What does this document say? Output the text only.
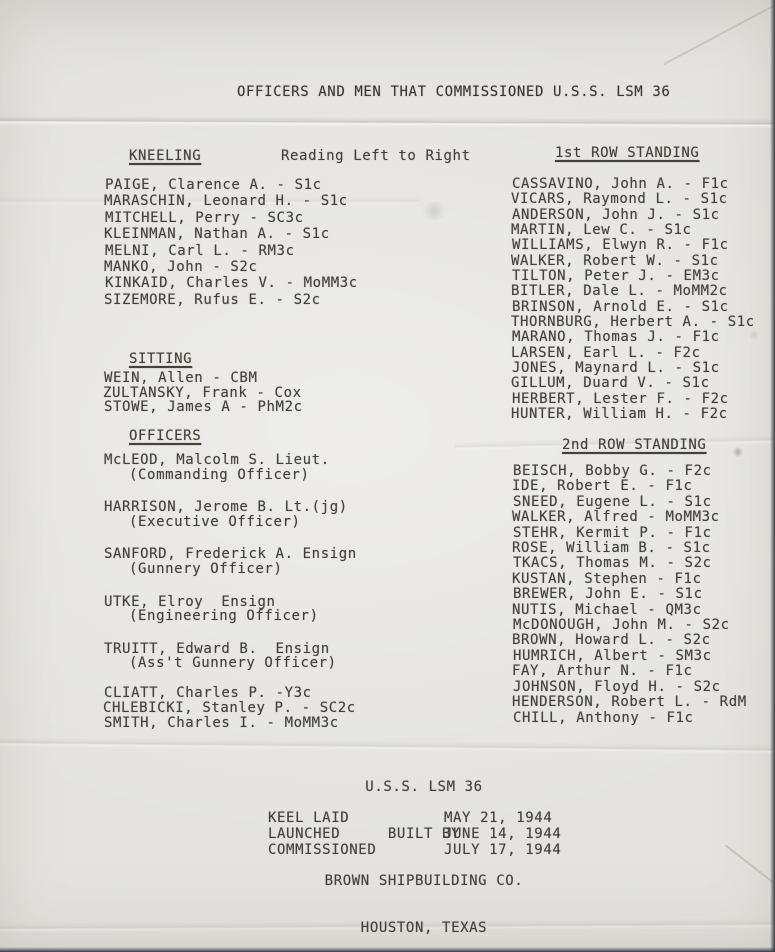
OFFICERS AND MEN THAT COMMISSIONED U.S.S. LSM 36
KNEELING	Reading Left to Right	1st ROW STANDING
PAIGE, Clarence A. - S1c
MARASCHIN, Leonard H. - S1c
MITCHELL, Perry - SC3c
KLEINMAN, Nathan A. - S1c
MELNI, Carl L. - RM3c
MANKO, John - S2c
KINKAID, Charles V. - MoMM3c
SIZEMORE, Rufus E. - S2c
SITTING
WEIN, Allen - CBM
ZULTANSKY, Frank - Cox
STOWE, James A - PhM2c
OFFICERS
McLEOD, Malcolm S. Lieut.
(Commanding Officer)
HARRISON, Jerome B. Lt.(jg)
(Executive Officer)
SANFORD, Frederick A. Ensign
(Gunnery Officer)
UTKE, Elroy  Ensign
(Engineering Officer)
TRUITT, Edward B.  Ensign
(Ass't Gunnery Officer)
CLIATT, Charles P. -Y3c
CHLEBICKI, Stanley P. - SC2c
SMITH, Charles I. - MoMM3c
CASSAVINO, John A. - F1c
VICARS, Raymond L. - S1c
ANDERSON, John J. - S1c
MARTIN, Lew C. - S1c
WILLIAMS, Elwyn R. - F1c
WALKER, Robert W. - S1c
TILTON, Peter J. - EM3c
BITLER, Dale L. - MoMM2c
BRINSON, Arnold E. - S1c
THORNBURG, Herbert A. - S1c
MARANO, Thomas J. - F1c
LARSEN, Earl L. - F2c
JONES, Maynard L. - S1c
GILLUM, Duard V. - S1c
HERBERT, Lester F. - F2c
HUNTER, William H. - F2c
2nd ROW STANDING
BEISCH, Bobby G. - F2c
IDE, Robert E. - F1c
SNEED, Eugene L. - S1c
WALKER, Alfred - MoMM3c
STEHR, Kermit P. - F1c
ROSE, William B. - S1c
TKACS, Thomas M. - S2c
KUSTAN, Stephen - F1c
BREWER, John E. - S1c
NUTIS, Michael - QM3c
McDONOUGH, John M. - S2c
BROWN, Howard L. - S2c
HUMRICH, Albert - SM3c
FAY, Arthur N. - F1c
JOHNSON, Floyd H. - S2c
HENDERSON, Robert L. - RdM
CHILL, Anthony - F1c

U.S.S. LSM 36

BUILT BY

BROWN SHIPBUILDING CO.

HOUSTON, TEXAS

KEEL LAID	MAY 21, 1944
LAUNCHED	JUNE 14, 1944
COMMISSIONED	JULY 17, 1944
